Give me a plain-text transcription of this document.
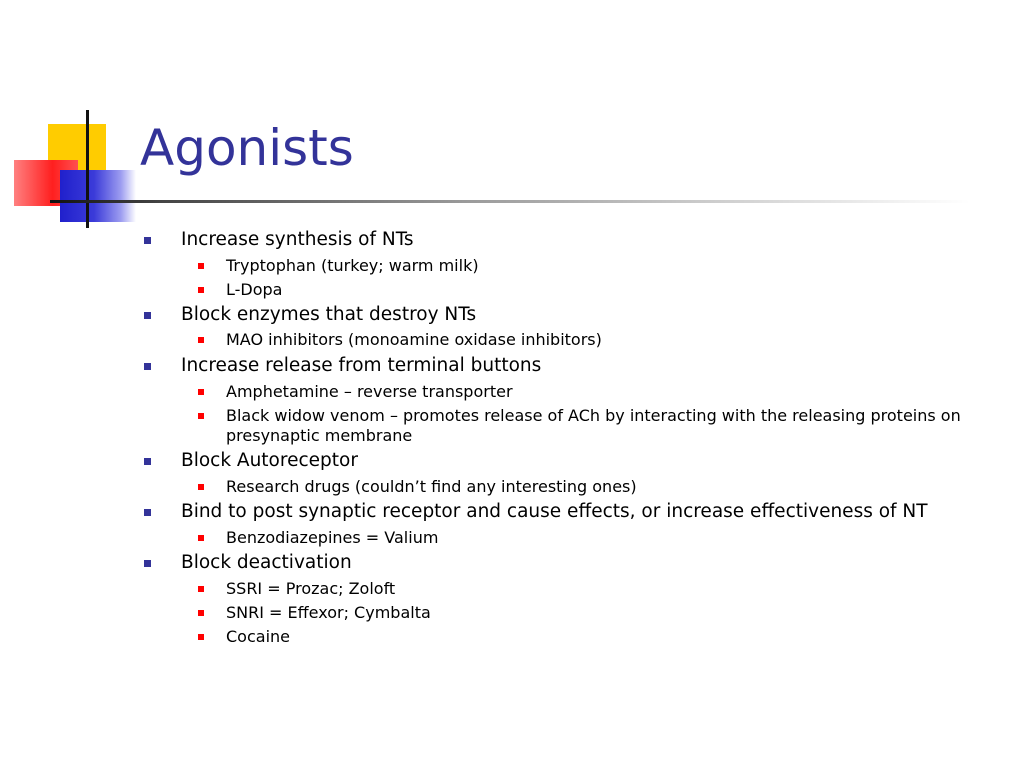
Agonists
Increase synthesis of NTs
Tryptophan (turkey; warm milk)
L-Dopa
Block enzymes that destroy NTs
MAO inhibitors (monoamine oxidase inhibitors)
Increase release from terminal buttons
Amphetamine – reverse transporter
Black widow venom – promotes release of ACh by interacting with the releasing proteins on presynaptic membrane
Block Autoreceptor
Research drugs (couldn’t find any interesting ones)
Bind to post synaptic receptor and cause effects, or increase effectiveness of NT
Benzodiazepines = Valium
Block deactivation
SSRI = Prozac; Zoloft
SNRI = Effexor; Cymbalta
Cocaine
